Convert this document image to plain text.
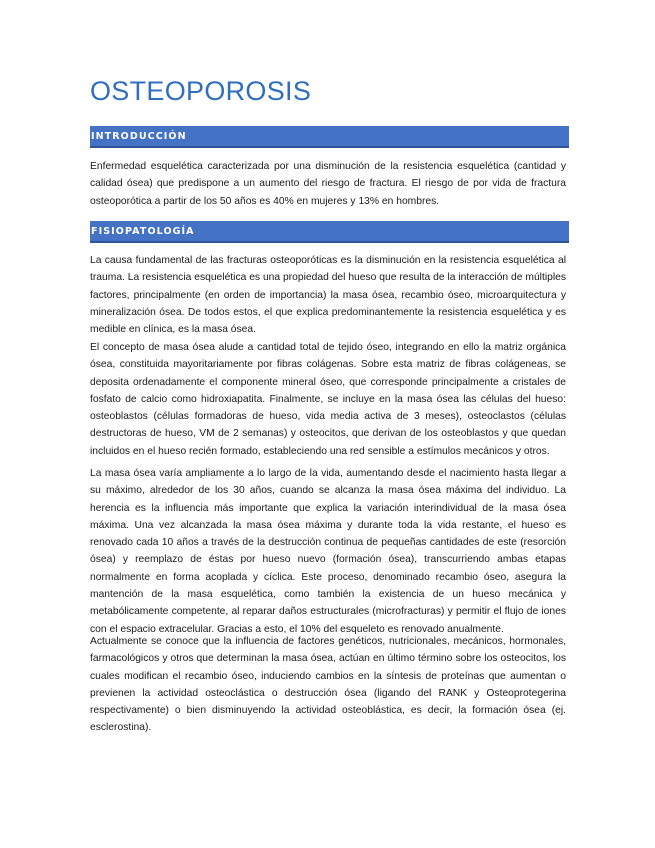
OSTEOPOROSIS
INTRODUCCIÓN

Enfermedad esquelética caracterizada por una disminución de la resistencia esquelética (cantidad y calidad ósea) que predispone a un aumento del riesgo de fractura. El riesgo de por vida de fractura osteoporótica a partir de los 50 años es 40% en mujeres y 13% en hombres.

FISIOPATOLOGÍA

La causa fundamental de las fracturas osteoporóticas es la disminución en la resistencia esquelética al trauma. La resistencia esquelética es una propiedad del hueso que resulta de la interacción de múltiples factores, principalmente (en orden de importancia) la masa ósea, recambio óseo, microarquitectura y mineralización ósea. De todos estos, el que explica predominantemente la resistencia esquelética y es medible en clínica, es la masa ósea.

El concepto de masa ósea alude a cantidad total de tejido óseo, integrando en ello la matriz orgánica ósea, constituida mayoritariamente por fibras colágenas. Sobre esta matriz de fibras colágeneas, se deposita ordenadamente el componente mineral óseo, que corresponde principalmente a cristales de fosfato de calcio como hidroxiapatita. Finalmente, se incluye en la masa ósea las células del hueso: osteoblastos (células formadoras de hueso, vida media activa de 3 meses), osteoclastos (células destructoras de hueso, VM de 2 semanas) y osteocitos, que derivan de los osteoblastos y que quedan incluidos en el hueso recién formado, estableciendo una red sensible a estímulos mecánicos y otros.

La masa ósea varía ampliamente a lo largo de la vida, aumentando desde el nacimiento hasta llegar a su máximo, alrededor de los 30 años, cuando se alcanza la masa ósea máxima del individuo. La herencia es la influencia más importante que explica la variación interindividual de la masa ósea máxima. Una vez alcanzada la masa ósea máxima y durante toda la vida restante, el hueso es renovado cada 10 años a través de la destrucción continua de pequeñas cantidades de este (resorción ósea) y reemplazo de éstas por hueso nuevo (formación ósea), transcurriendo ambas etapas normalmente en forma acoplada y cíclica. Este proceso, denominado recambio óseo, asegura la mantención de la masa esquelética, como también la existencia de un hueso mecánica y metabólicamente competente, al reparar daños estructurales (microfracturas) y permitir el flujo de iones con el espacio extracelular. Gracias a esto, el 10% del esqueleto es renovado anualmente.

Actualmente se conoce que la influencia de factores genéticos, nutricionales, mecánicos, hormonales, farmacológicos y otros que determinan la masa ósea, actúan en último término sobre los osteocitos, los cuales modifican el recambio óseo, induciendo cambios en la síntesis de proteínas que aumentan o previenen la actividad osteoclástica o destrucción ósea (ligando del RANK y Osteoprotegerina respectivamente) o bien disminuyendo la actividad osteoblástica, es decir, la formación ósea (ej. esclerostina).
